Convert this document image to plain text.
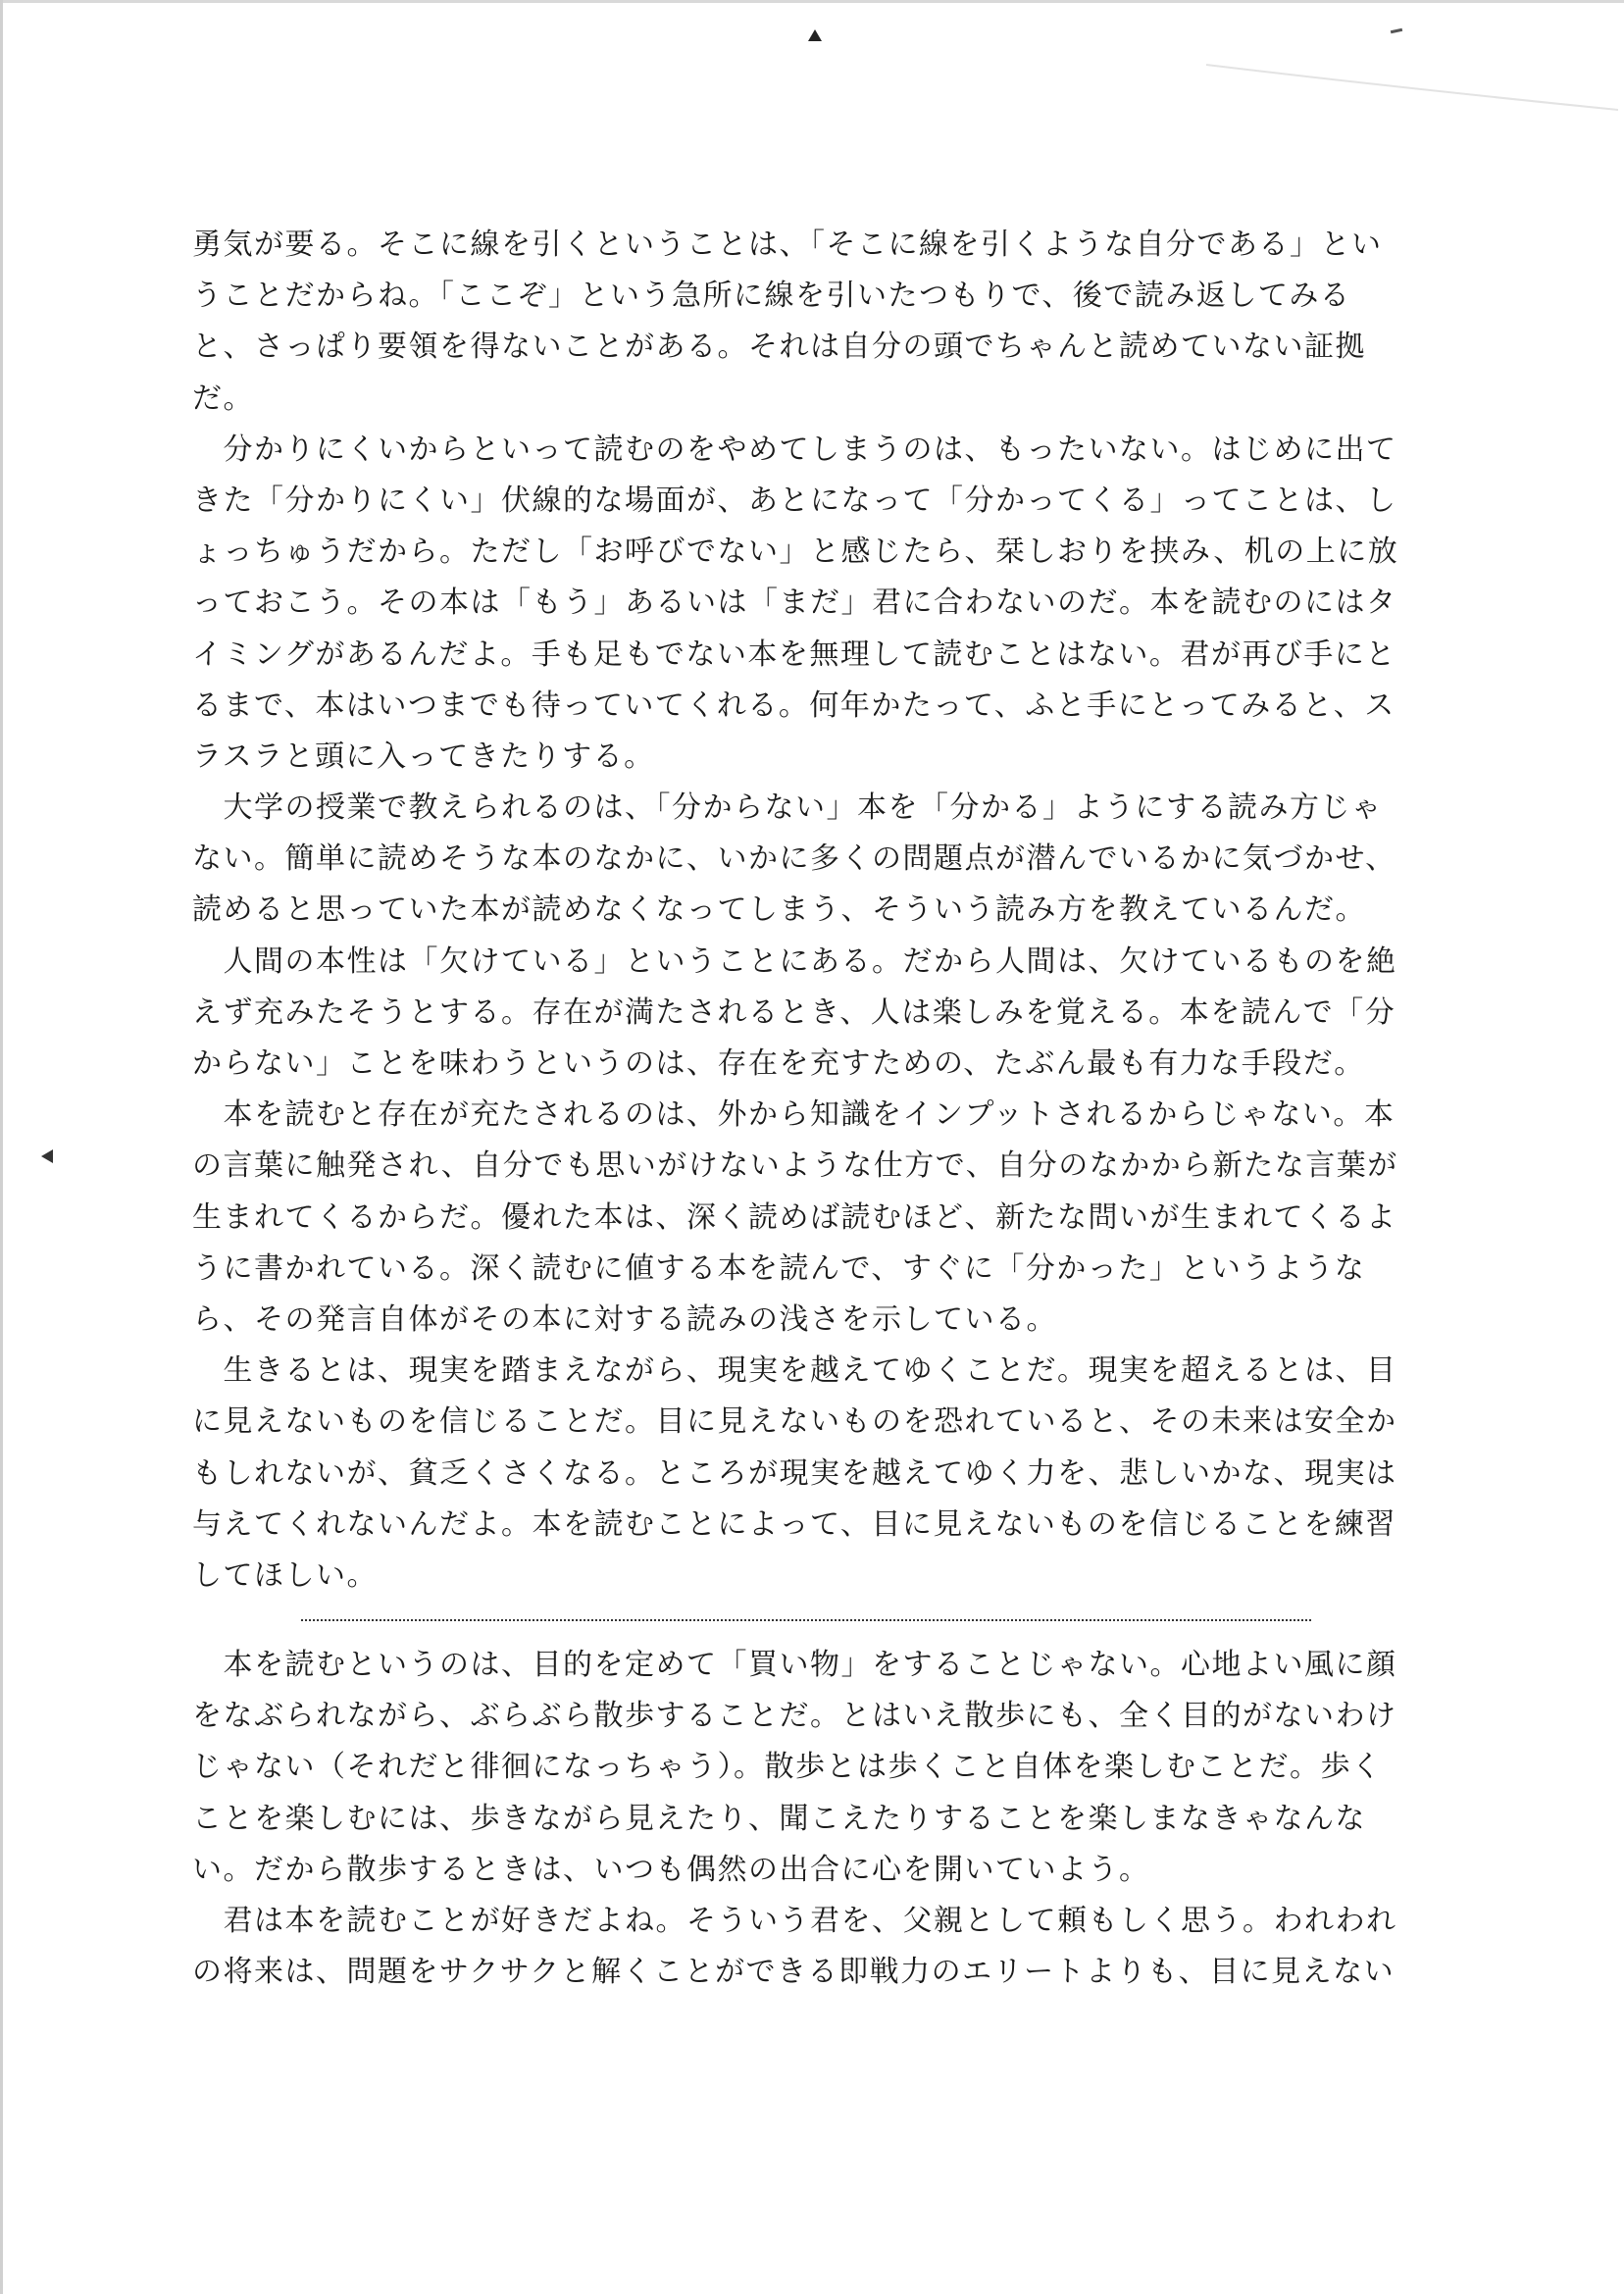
勇気が要る。そこに線を引くということは、「そこに線を引くような自分である」とい
うことだからね。「ここぞ」という急所に線を引いたつもりで、後で読み返してみる
と、さっぱり要領を得ないことがある。それは自分の頭でちゃんと読めていない証拠
だ。
　分かりにくいからといって読むのをやめてしまうのは、もったいない。はじめに出て
きた「分かりにくい」伏線的な場面が、あとになって「分かってくる」ってことは、し
ょっちゅうだから。ただし「お呼びでない」と感じたら、栞しおりを挟み、机の上に放
っておこう。その本は「もう」あるいは「まだ」君に合わないのだ。本を読むのにはタ
イミングがあるんだよ。手も足もでない本を無理して読むことはない。君が再び手にと
るまで、本はいつまでも待っていてくれる。何年かたって、ふと手にとってみると、ス
ラスラと頭に入ってきたりする。
　大学の授業で教えられるのは、「分からない」本を「分かる」ようにする読み方じゃ
ない。簡単に読めそうな本のなかに、いかに多くの問題点が潜んでいるかに気づかせ、
読めると思っていた本が読めなくなってしまう、そういう読み方を教えているんだ。
　人間の本性は「欠けている」ということにある。だから人間は、欠けているものを絶
えず充みたそうとする。存在が満たされるとき、人は楽しみを覚える。本を読んで「分
からない」ことを味わうというのは、存在を充すための、たぶん最も有力な手段だ。
　本を読むと存在が充たされるのは、外から知識をインプットされるからじゃない。本
の言葉に触発され、自分でも思いがけないような仕方で、自分のなかから新たな言葉が
生まれてくるからだ。優れた本は、深く読めば読むほど、新たな問いが生まれてくるよ
うに書かれている。深く読むに値する本を読んで、すぐに「分かった」というような
ら、その発言自体がその本に対する読みの浅さを示している。
　生きるとは、現実を踏まえながら、現実を越えてゆくことだ。現実を超えるとは、目
に見えないものを信じることだ。目に見えないものを恐れていると、その未来は安全か
もしれないが、貧乏くさくなる。ところが現実を越えてゆく力を、悲しいかな、現実は
与えてくれないんだよ。本を読むことによって、目に見えないものを信じることを練習
してほしい。
　本を読むというのは、目的を定めて「買い物」をすることじゃない。心地よい風に顔
をなぶられながら、ぶらぶら散歩することだ。とはいえ散歩にも、全く目的がないわけ
じゃない（それだと徘徊になっちゃう）。散歩とは歩くこと自体を楽しむことだ。歩く
ことを楽しむには、歩きながら見えたり、聞こえたりすることを楽しまなきゃなんな
い。だから散歩するときは、いつも偶然の出合に心を開いていよう。
　君は本を読むことが好きだよね。そういう君を、父親として頼もしく思う。われわれ
の将来は、問題をサクサクと解くことができる即戦力のエリートよりも、目に見えない
